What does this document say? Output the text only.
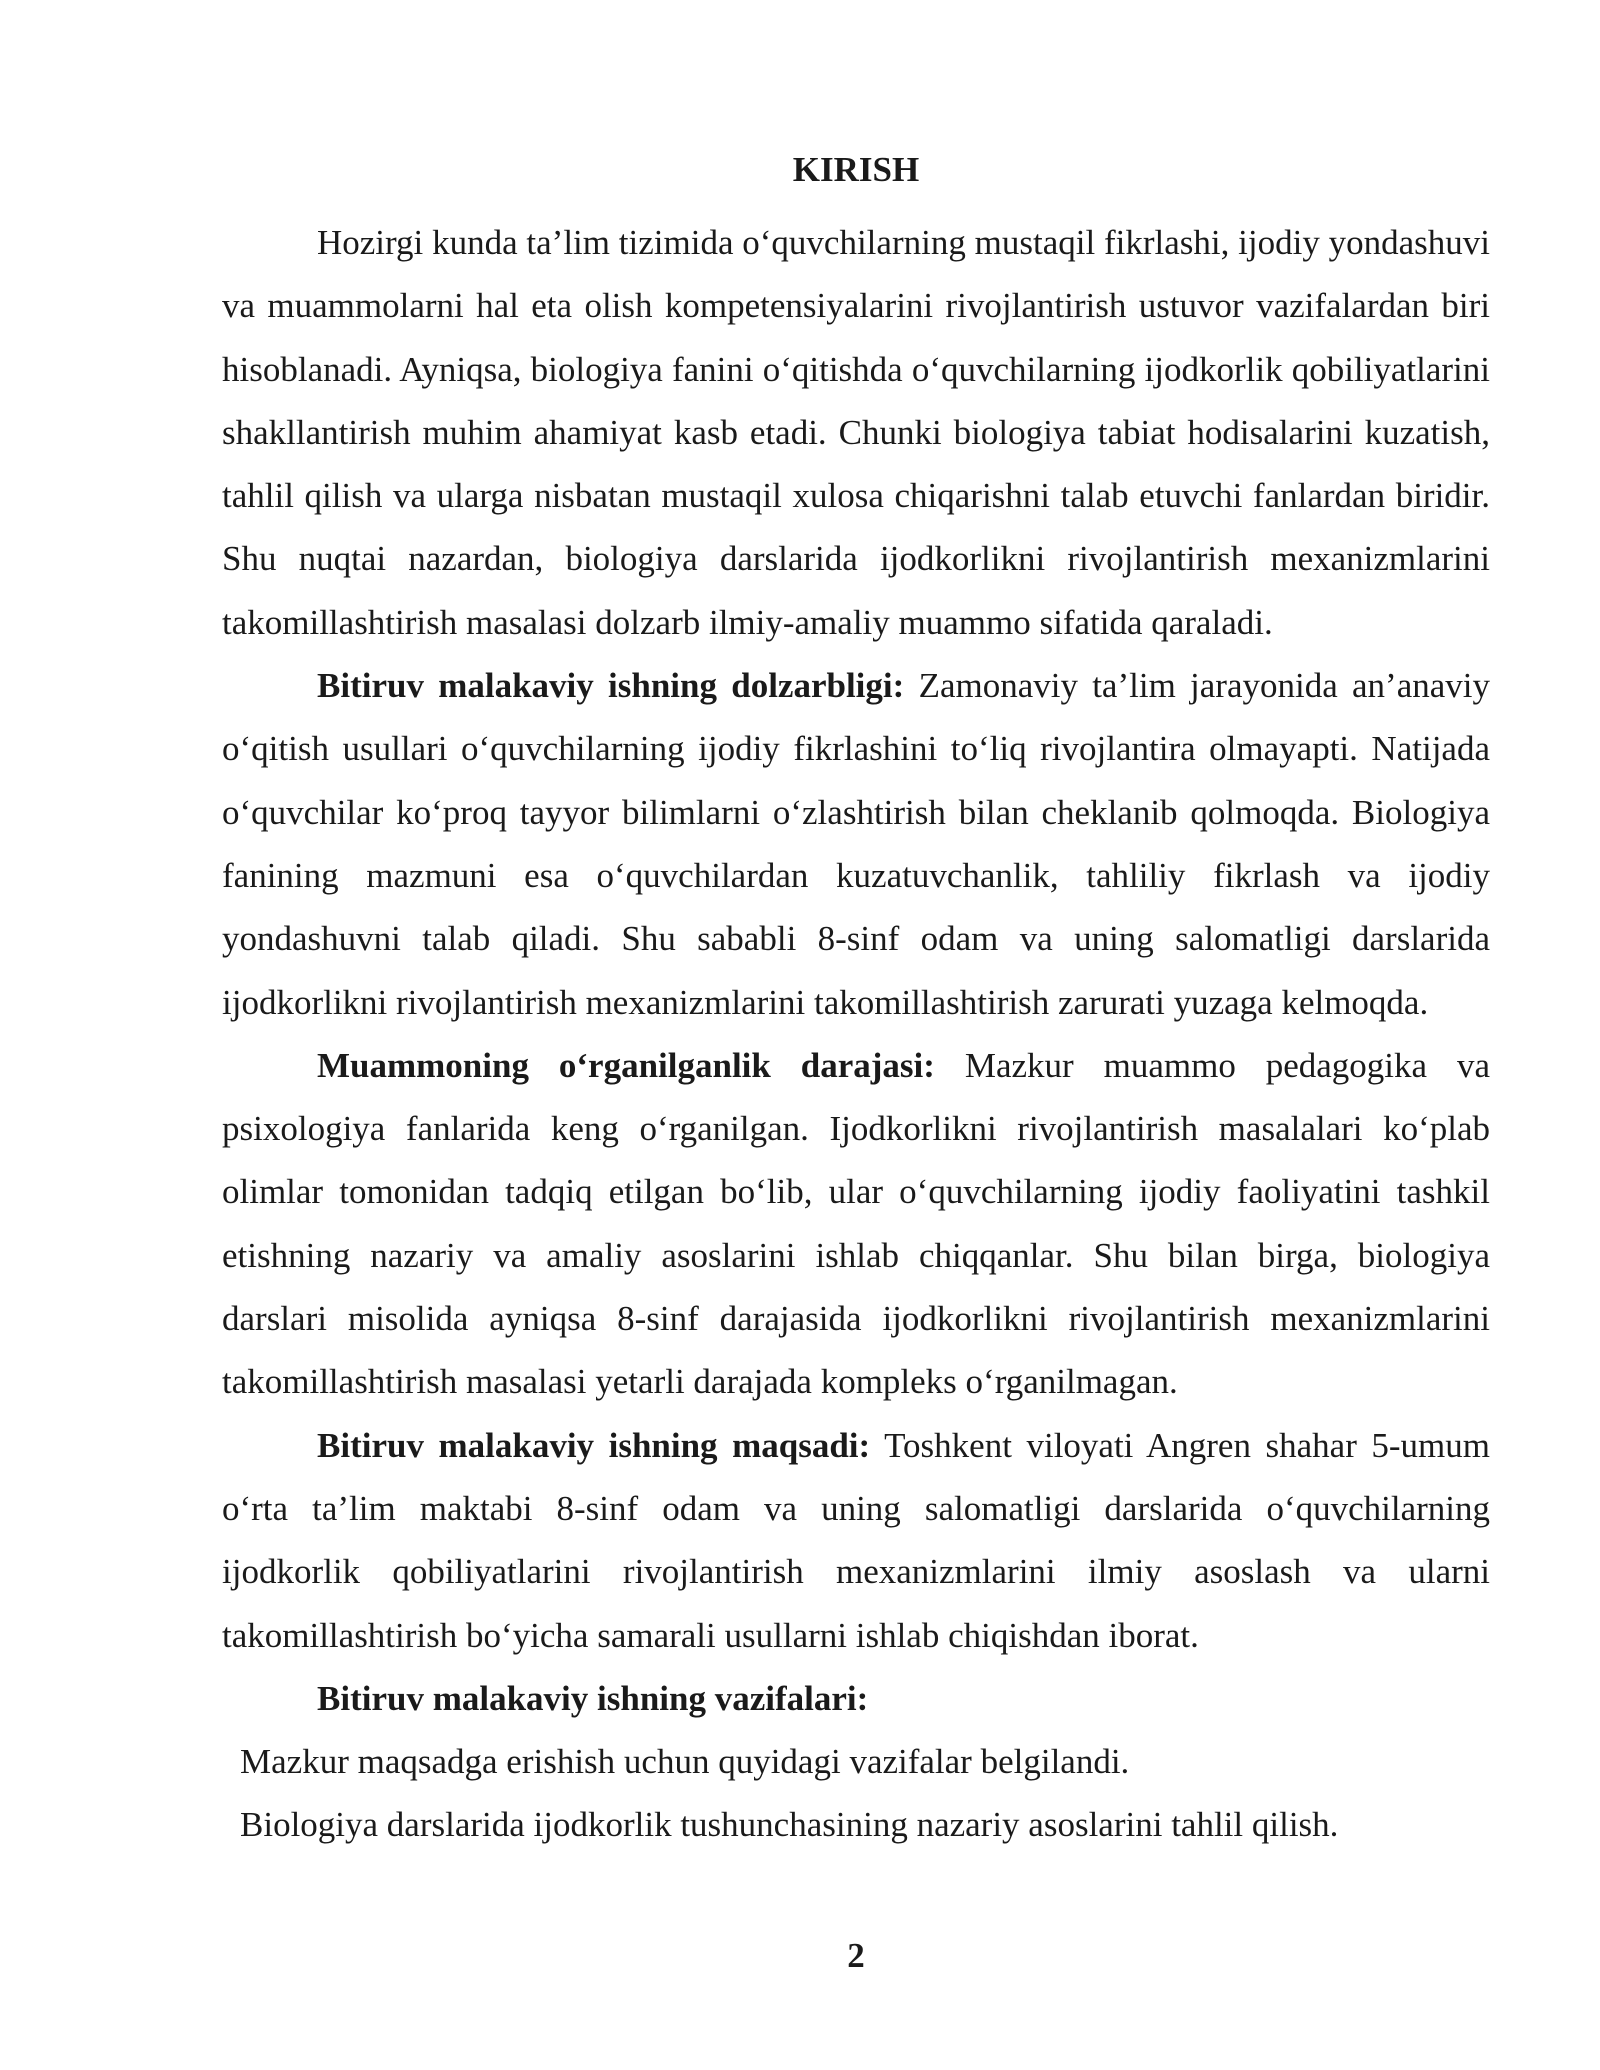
KIRISH

Hozirgi kunda ta’lim tizimida o‘quvchilarning mustaqil fikrlashi, ijodiy yondashuvi va muammolarni hal eta olish kompetensiyalarini rivojlantirish ustuvor vazifalardan biri hisoblanadi. Ayniqsa, biologiya fanini o‘qitishda o‘quvchilarning ijodkorlik qobiliyatlarini shakllantirish muhim ahamiyat kasb etadi. Chunki biologiya tabiat hodisalarini kuzatish, tahlil qilish va ularga nisbatan mustaqil xulosa chiqarishni talab etuvchi fanlardan biridir. Shu nuqtai nazardan, biologiya darslarida ijodkorlikni rivojlantirish mexanizmlarini takomillashtirish masalasi dolzarb ilmiy-amaliy muammo sifatida qaraladi.

Bitiruv malakaviy ishning dolzarbligi: Zamonaviy ta’lim jarayonida an’anaviy o‘qitish usullari o‘quvchilarning ijodiy fikrlashini to‘liq rivojlantira olmayapti. Natijada o‘quvchilar ko‘proq tayyor bilimlarni o‘zlashtirish bilan cheklanib qolmoqda. Biologiya fanining mazmuni esa o‘quvchilardan kuzatuvchanlik, tahliliy fikrlash va ijodiy yondashuvni talab qiladi. Shu sababli 8-sinf odam va uning salomatligi darslarida ijodkorlikni rivojlantirish mexanizmlarini takomillashtirish zarurati yuzaga kelmoqda.

Muammoning o‘rganilganlik darajasi: Mazkur muammo pedagogika va psixologiya fanlarida keng o‘rganilgan. Ijodkorlikni rivojlantirish masalalari ko‘plab olimlar tomonidan tadqiq etilgan bo‘lib, ular o‘quvchilarning ijodiy faoliyatini tashkil etishning nazariy va amaliy asoslarini ishlab chiqqanlar. Shu bilan birga, biologiya darslari misolida ayniqsa 8-sinf darajasida ijodkorlikni rivojlantirish mexanizmlarini takomillashtirish masalasi yetarli darajada kompleks o‘rganilmagan.

Bitiruv malakaviy ishning maqsadi: Toshkent viloyati Angren shahar 5-umum o‘rta ta’lim maktabi 8-sinf odam va uning salomatligi darslarida o‘quvchilarning ijodkorlik qobiliyatlarini rivojlantirish mexanizmlarini ilmiy asoslash va ularni takomillashtirish bo‘yicha samarali usullarni ishlab chiqishdan iborat.

Bitiruv malakaviy ishning vazifalari:

Mazkur maqsadga erishish uchun quyidagi vazifalar belgilandi.

Biologiya darslarida ijodkorlik tushunchasining nazariy asoslarini tahlil qilish.

2
